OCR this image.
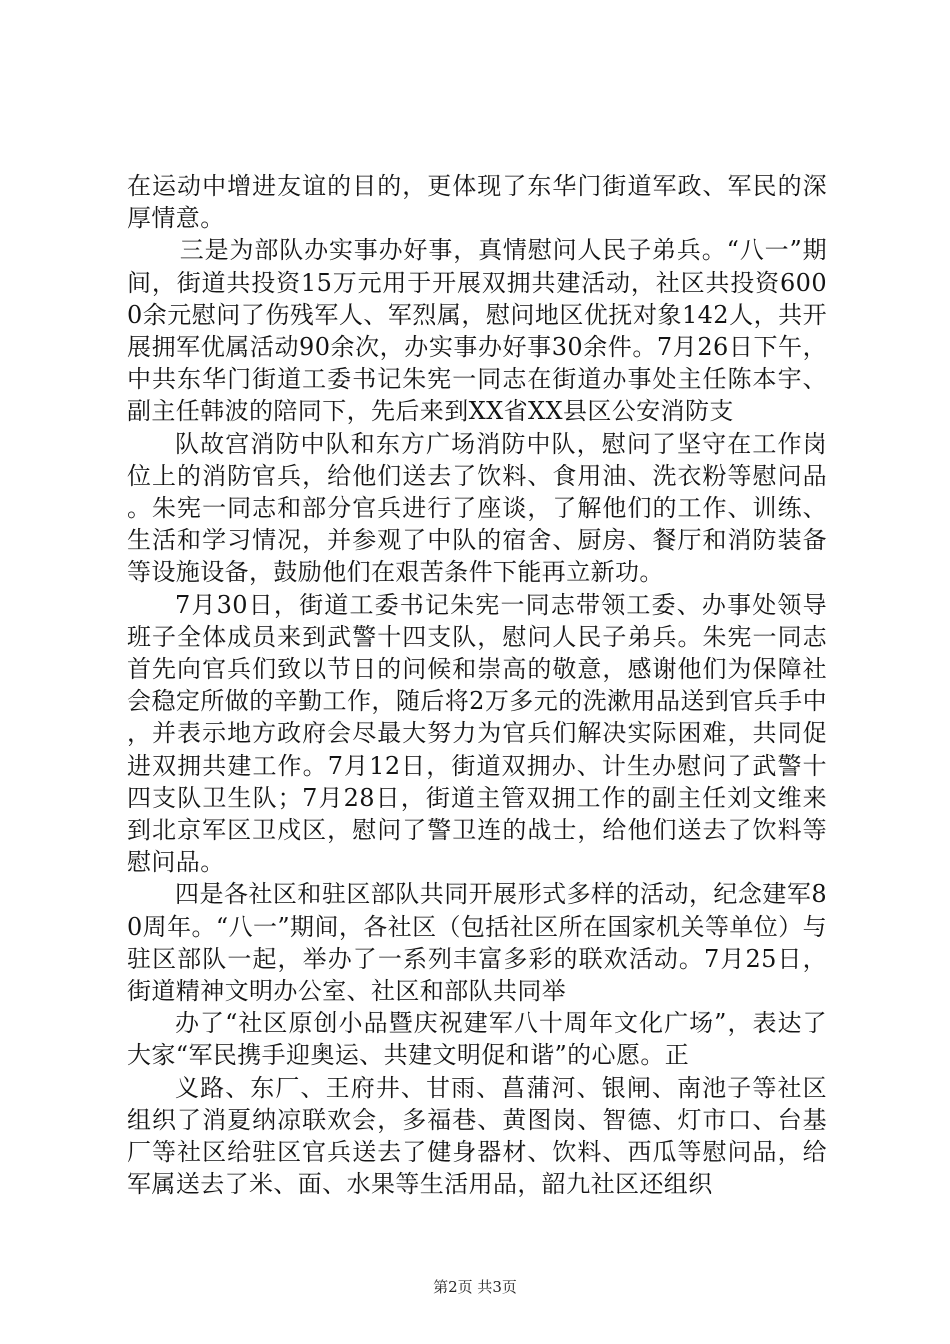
在运动中增进友谊的目的，更体现了东华门街道军政、军民的深厚情意。

三是为部队办实事办好事，真情慰问人民子弟兵。“八一”期间，街道共投资15万元用于开展双拥共建活动，社区共投资6000余元慰问了伤残军人、军烈属，慰问地区优抚对象142人，共开展拥军优属活动90余次，办实事办好事30余件。7月26日下午，中共东华门街道工委书记朱宪一同志在街道办事处主任陈本宇、副主任韩波的陪同下，先后来到XX省XX县区公安消防支

队故宫消防中队和东方广场消防中队，慰问了坚守在工作岗位上的消防官兵，给他们送去了饮料、食用油、洗衣粉等慰问品。朱宪一同志和部分官兵进行了座谈，了解他们的工作、训练、生活和学习情况，并参观了中队的宿舍、厨房、餐厅和消防装备等设施设备，鼓励他们在艰苦条件下能再立新功。

7月30日，街道工委书记朱宪一同志带领工委、办事处领导班子全体成员来到武警十四支队，慰问人民子弟兵。朱宪一同志首先向官兵们致以节日的问候和崇高的敬意，感谢他们为保障社会稳定所做的辛勤工作，随后将2万多元的洗漱用品送到官兵手中，并表示地方政府会尽最大努力为官兵们解决实际困难，共同促进双拥共建工作。7月12日，街道双拥办、计生办慰问了武警十四支队卫生队；7月28日，街道主管双拥工作的副主任刘文维来到北京军区卫戍区，慰问了警卫连的战士，给他们送去了饮料等慰问品。

四是各社区和驻区部队共同开展形式多样的活动，纪念建军80周年。“八一”期间，各社区（包括社区所在国家机关等单位）与驻区部队一起，举办了一系列丰富多彩的联欢活动。7月25日，街道精神文明办公室、社区和部队共同举

办了“社区原创小品暨庆祝建军八十周年文化广场”，表达了大家“军民携手迎奥运、共建文明促和谐”的心愿。正

义路、东厂、王府井、甘雨、菖蒲河、银闸、南池子等社区组织了消夏纳凉联欢会，多福巷、黄图岗、智德、灯市口、台基厂等社区给驻区官兵送去了健身器材、饮料、西瓜等慰问品，给军属送去了米、面、水果等生活用品，韶九社区还组织

第2页 共3页
